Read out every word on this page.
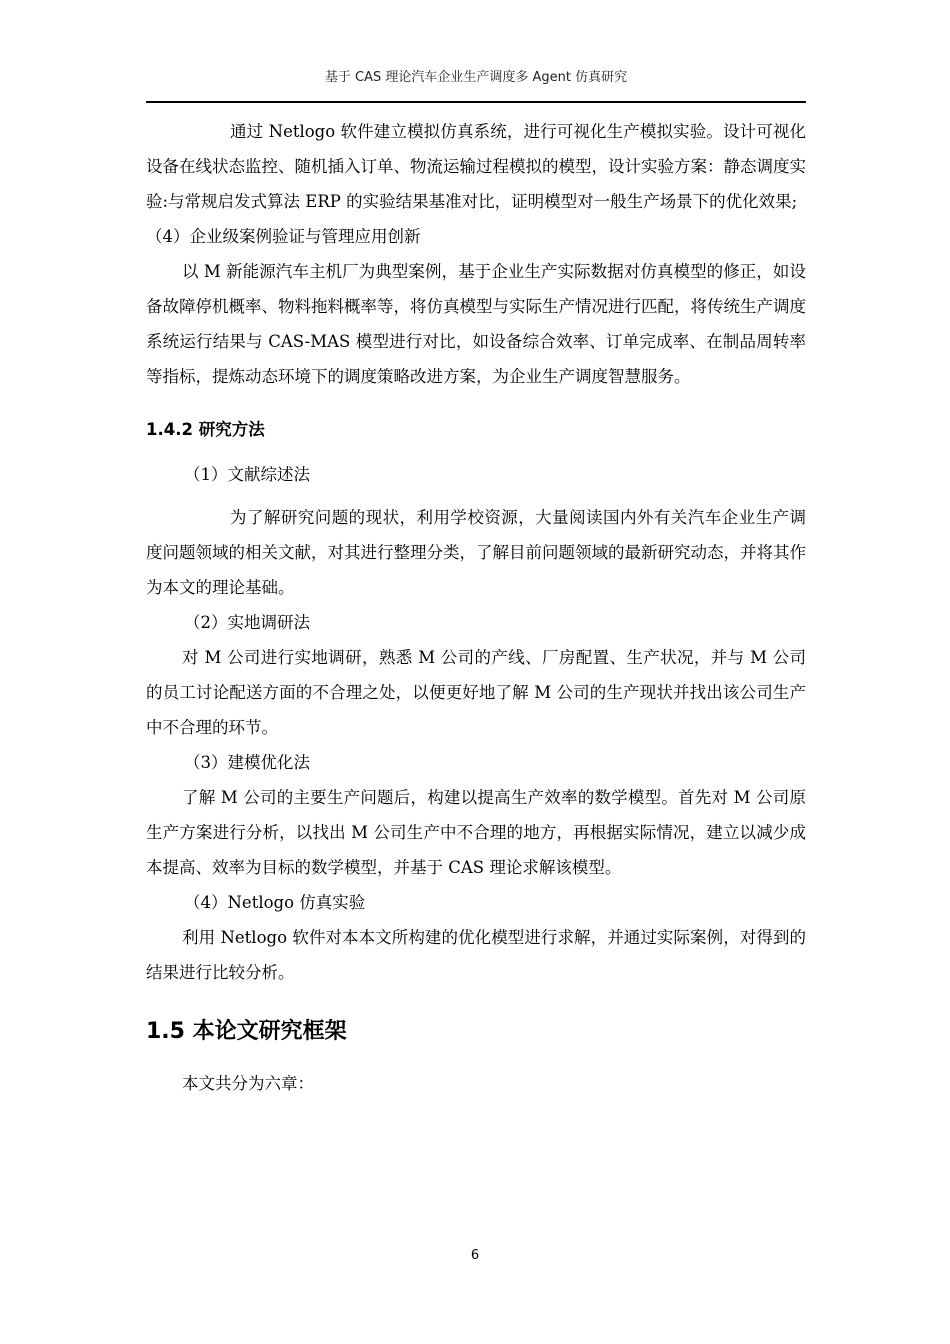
基于 CAS 理论汽车企业生产调度多 Agent 仿真研究

通过 Netlogo 软件建立模拟仿真系统，进行可视化生产模拟实验。设计可视化设备在线状态监控、随机插入订单、物流运输过程模拟的模型，设计实验方案：静态调度实验:与常规启发式算法 ERP 的实验结果基准对比，证明模型对一般生产场景下的优化效果;

（4）企业级案例验证与管理应用创新

以 M 新能源汽车主机厂为典型案例，基于企业生产实际数据对仿真模型的修正，如设备故障停机概率、物料拖料概率等，将仿真模型与实际生产情况进行匹配，将传统生产调度系统运行结果与 CAS-MAS 模型进行对比，如设备综合效率、订单完成率、在制品周转率等指标，提炼动态环境下的调度策略改进方案，为企业生产调度智慧服务。

1.4.2 研究方法

（1）文献综述法

为了解研究问题的现状，利用学校资源，大量阅读国内外有关汽车企业生产调度问题领域的相关文献，对其进行整理分类，了解目前问题领域的最新研究动态，并将其作为本文的理论基础。

（2）实地调研法

对 M 公司进行实地调研，熟悉 M 公司的产线、厂房配置、生产状况，并与 M 公司的员工讨论配送方面的不合理之处，以便更好地了解 M 公司的生产现状并找出该公司生产中不合理的环节。

（3）建模优化法

了解 M 公司的主要生产问题后，构建以提高生产效率的数学模型。首先对 M 公司原生产方案进行分析，以找出 M 公司生产中不合理的地方，再根据实际情况，建立以减少成本提高、效率为目标的数学模型，并基于 CAS 理论求解该模型。

（4）Netlogo 仿真实验

利用 Netlogo 软件对本本文所构建的优化模型进行求解，并通过实际案例，对得到的结果进行比较分析。

1.5 本论文研究框架

本文共分为六章：

6
